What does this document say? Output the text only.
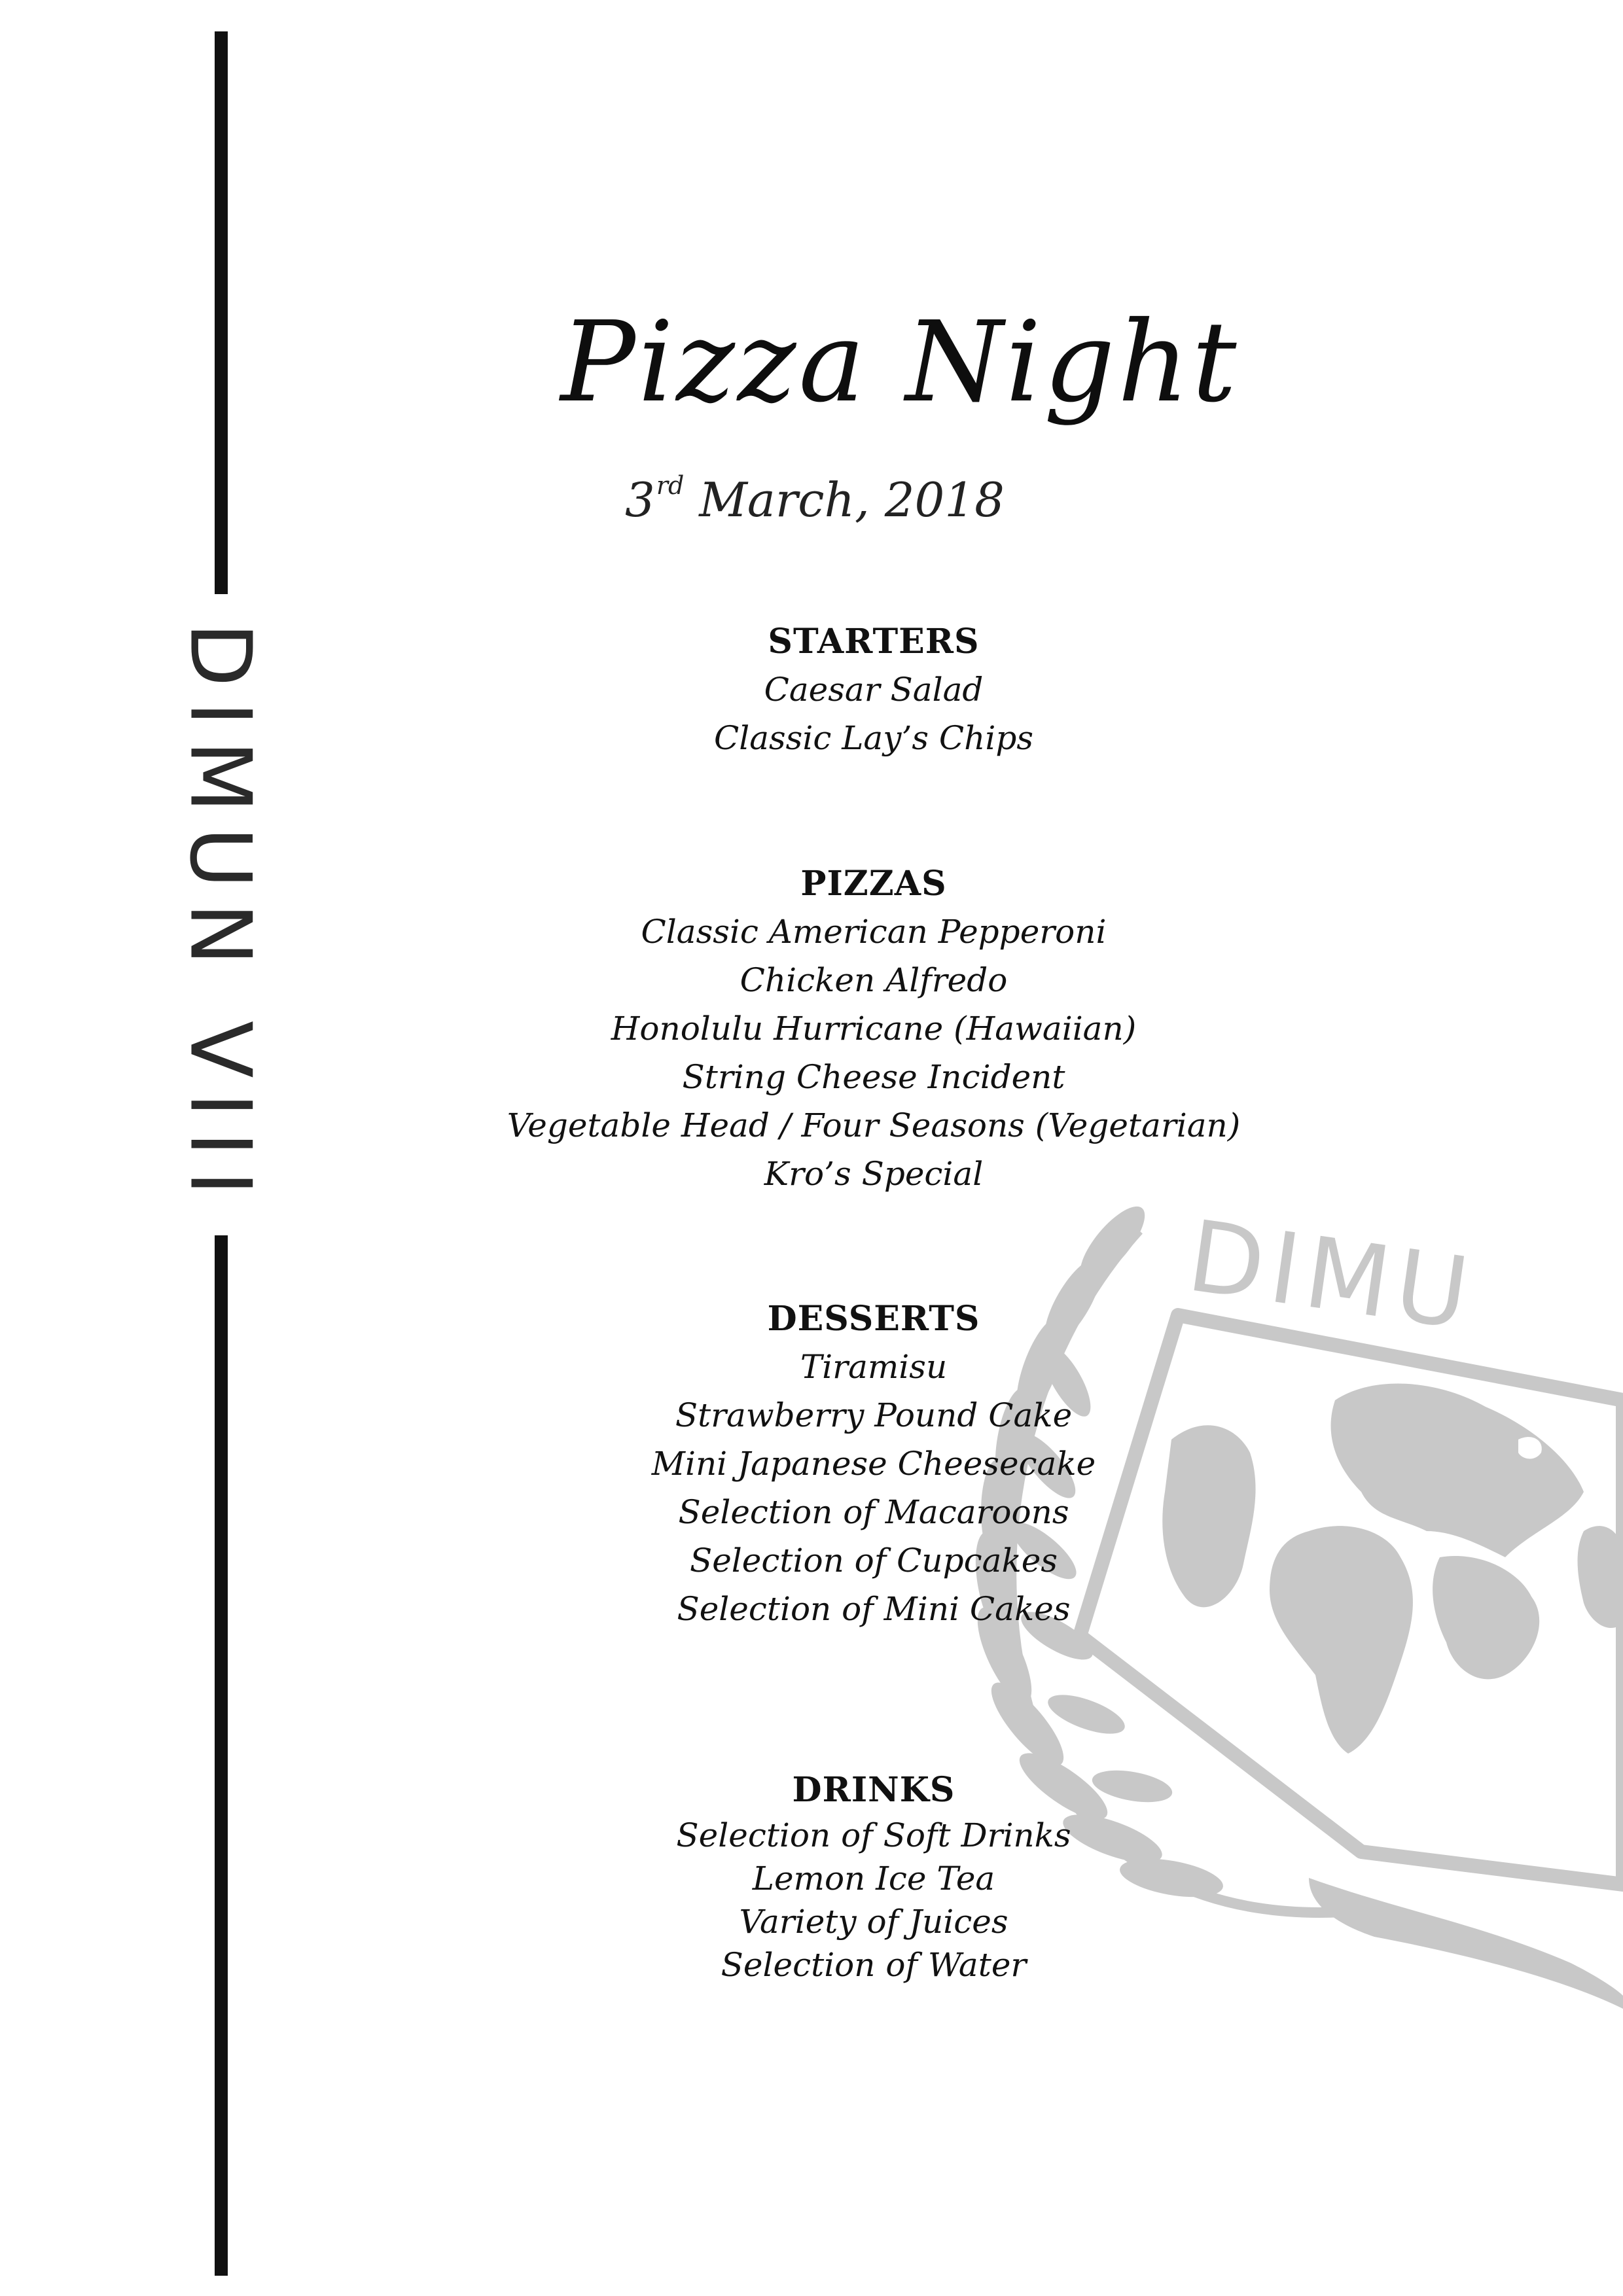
DIMUN VIII
DIMU
Pizza Night
3rd March, 2018
STARTERS
Caesar Salad
Classic Lay’s Chips
PIZZAS
Classic American Pepperoni
Chicken Alfredo
Honolulu Hurricane (Hawaiian)
String Cheese Incident
Vegetable Head / Four Seasons (Vegetarian)
Kro’s Special
DESSERTS
Tiramisu
Strawberry Pound Cake
Mini Japanese Cheesecake
Selection of Macaroons
Selection of Cupcakes
Selection of Mini Cakes
DRINKS
Selection of Soft Drinks
Lemon Ice Tea
Variety of Juices
Selection of Water
